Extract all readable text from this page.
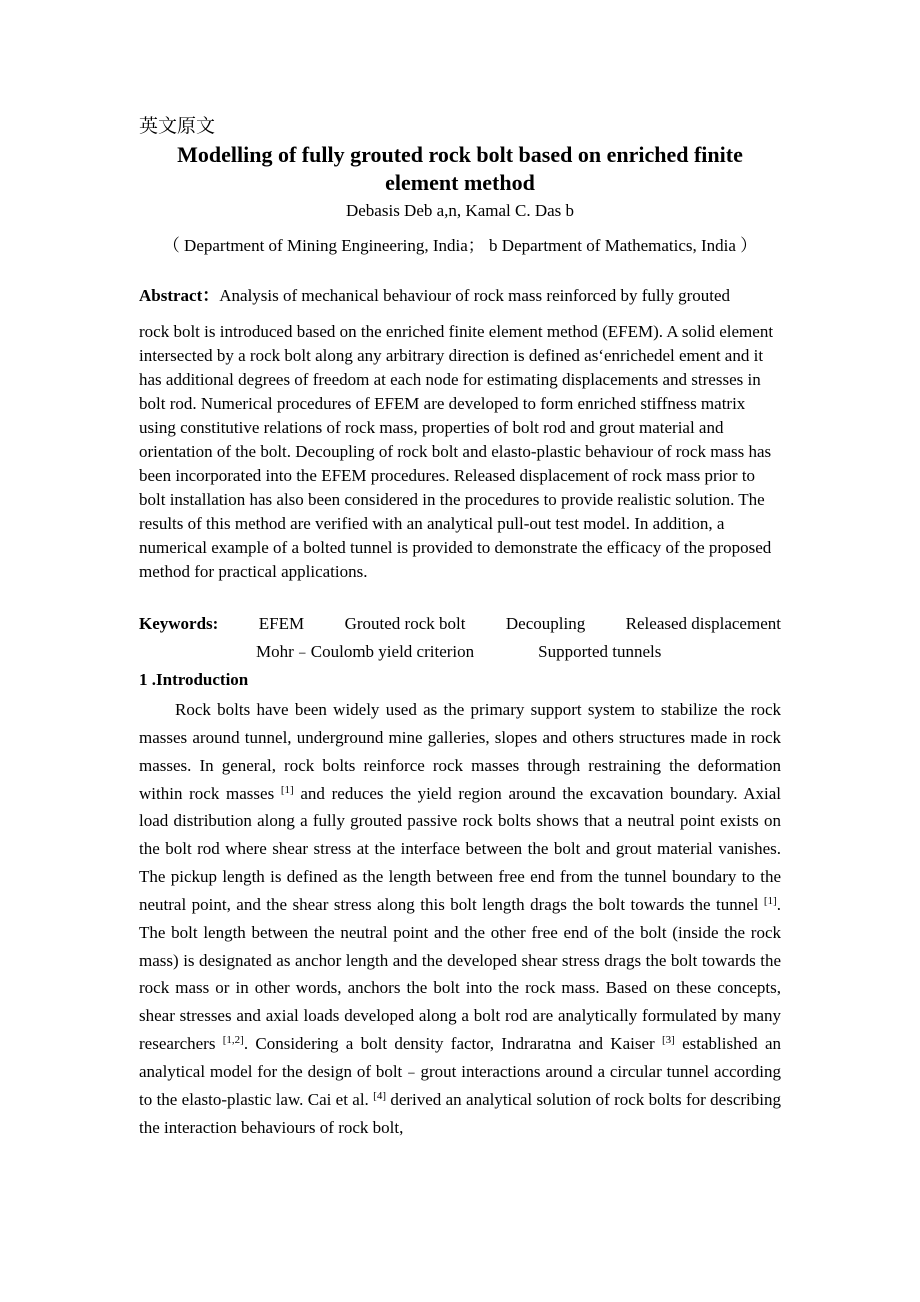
英文原文
Modelling of fully grouted rock bolt based on enriched finite element method
Debasis Deb a,n, Kamal C. Das b
（ Department of Mining Engineering, India； b Department of Mathematics, India ）
Abstract：Analysis of mechanical behaviour of rock mass reinforced by fully grouted
rock bolt is introduced based on the enriched finite element method (EFEM). A solid element intersected by a rock bolt along any arbitrary direction is defined as‘enrichedel ement and it has additional degrees of freedom at each node for estimating displacements and stresses in bolt rod. Numerical procedures of EFEM are developed to form enriched stiffness matrix using constitutive relations of rock mass, properties of bolt rod and grout material and orientation of the bolt. Decoupling of rock bolt and elasto-plastic behaviour of rock mass has been incorporated into the EFEM procedures. Released displacement of rock mass prior to bolt installation has also been considered in the procedures to provide realistic solution. The results of this method are verified with an analytical pull-out test model. In addition, a numerical example of a bolted tunnel is provided to demonstrate the efficacy of the proposed method for practical applications.
Keywords: EFEM Grouted rock bolt Decoupling Released displacement
Mohr﹣Coulomb yield criterion	Supported tunnels
1 .Introduction
Rock bolts have been widely used as the primary support system to stabilize the rock masses around tunnel, underground mine galleries, slopes and others structures made in rock masses. In general, rock bolts reinforce rock masses through restraining the deformation within rock masses [1] and reduces the yield region around the excavation boundary. Axial load distribution along a fully grouted passive rock bolts shows that a neutral point exists on the bolt rod where shear stress at the interface between the bolt and grout material vanishes. The pickup length is defined as the length between free end from the tunnel boundary to the neutral point, and the shear stress along this bolt length drags the bolt towards the tunnel [1]. The bolt length between the neutral point and the other free end of the bolt (inside the rock mass) is designated as anchor length and the developed shear stress drags the bolt towards the rock mass or in other words, anchors the bolt into the rock mass. Based on these concepts, shear stresses and axial loads developed along a bolt rod are analytically formulated by many researchers [1,2]. Considering a bolt density factor, Indraratna and Kaiser [3] established an analytical model for the design of bolt﹣grout interactions around a circular tunnel according to the elasto-plastic law. Cai et al. [4] derived an analytical solution of rock bolts for describing the interaction behaviours of rock bolt,
